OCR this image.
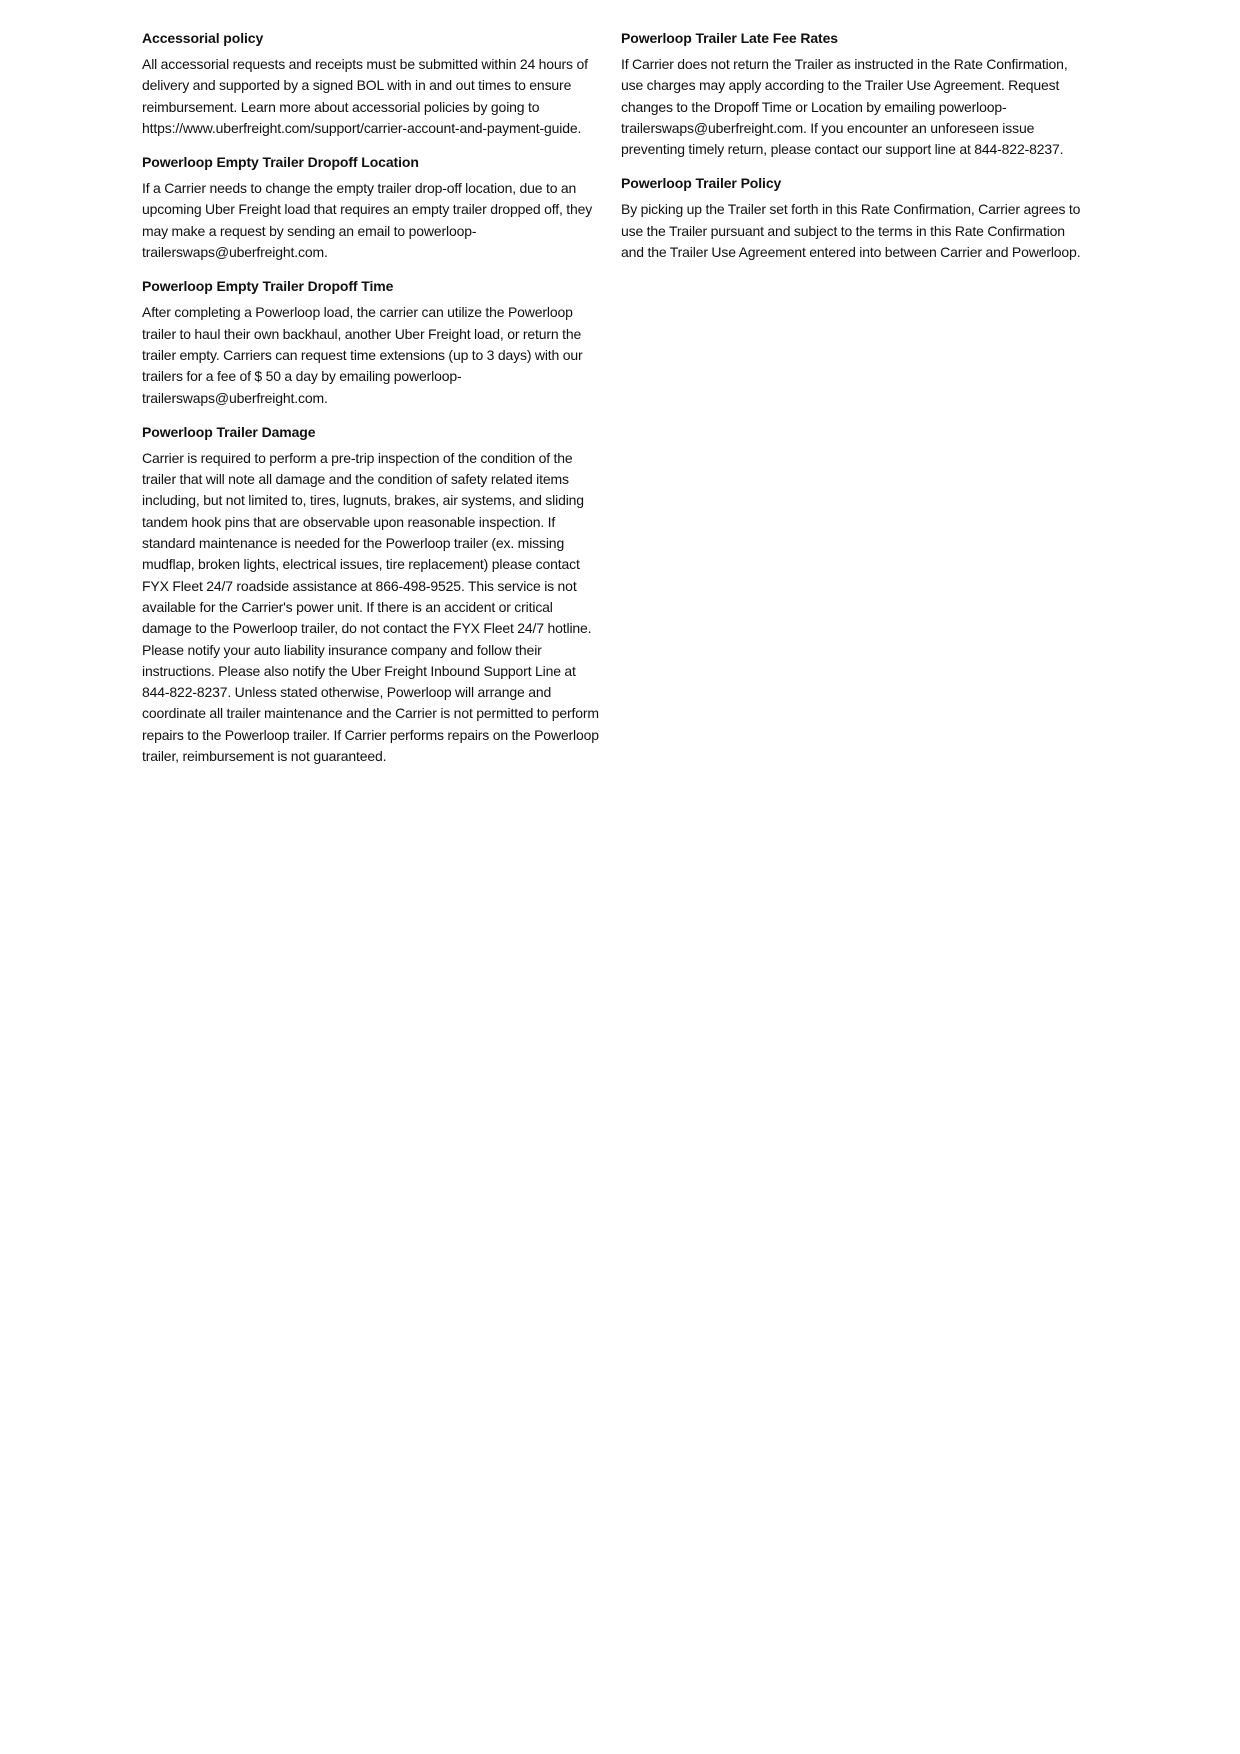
Accessorial policy

All accessorial requests and receipts must be submitted within 24 hours of delivery and supported by a signed BOL with in and out times to ensure reimbursement. Learn more about accessorial policies by going to https://www.uberfreight.com/support/carrier-account-and-payment-guide.

Powerloop Empty Trailer Dropoff Location

If a Carrier needs to change the empty trailer drop-off location, due to an upcoming Uber Freight load that requires an empty trailer dropped off, they may make a request by sending an email to powerloop-trailerswaps@uberfreight.com.

Powerloop Empty Trailer Dropoff Time

After completing a Powerloop load, the carrier can utilize the Powerloop trailer to haul their own backhaul, another Uber Freight load, or return the trailer empty. Carriers can request time extensions (up to 3 days) with our trailers for a fee of $ 50 a day by emailing powerloop-trailerswaps@uberfreight.com.

Powerloop Trailer Damage

Carrier is required to perform a pre-trip inspection of the condition of the trailer that will note all damage and the condition of safety related items including, but not limited to, tires, lugnuts, brakes, air systems, and sliding tandem hook pins that are observable upon reasonable inspection. If standard maintenance is needed for the Powerloop trailer (ex. missing mudflap, broken lights, electrical issues, tire replacement) please contact FYX Fleet 24/7 roadside assistance at 866-498-9525. This service is not available for the Carrier's power unit. If there is an accident or critical damage to the Powerloop trailer, do not contact the FYX Fleet 24/7 hotline. Please notify your auto liability insurance company and follow their instructions. Please also notify the Uber Freight Inbound Support Line at 844-822-8237. Unless stated otherwise, Powerloop will arrange and coordinate all trailer maintenance and the Carrier is not permitted to perform repairs to the Powerloop trailer. If Carrier performs repairs on the Powerloop trailer, reimbursement is not guaranteed.

Powerloop Trailer Late Fee Rates

If Carrier does not return the Trailer as instructed in the Rate Confirmation, use charges may apply according to the Trailer Use Agreement. Request changes to the Dropoff Time or Location by emailing powerloop-trailerswaps@uberfreight.com. If you encounter an unforeseen issue preventing timely return, please contact our support line at 844-822-8237.

Powerloop Trailer Policy

By picking up the Trailer set forth in this Rate Confirmation, Carrier agrees to use the Trailer pursuant and subject to the terms in this Rate Confirmation and the Trailer Use Agreement entered into between Carrier and Powerloop.
